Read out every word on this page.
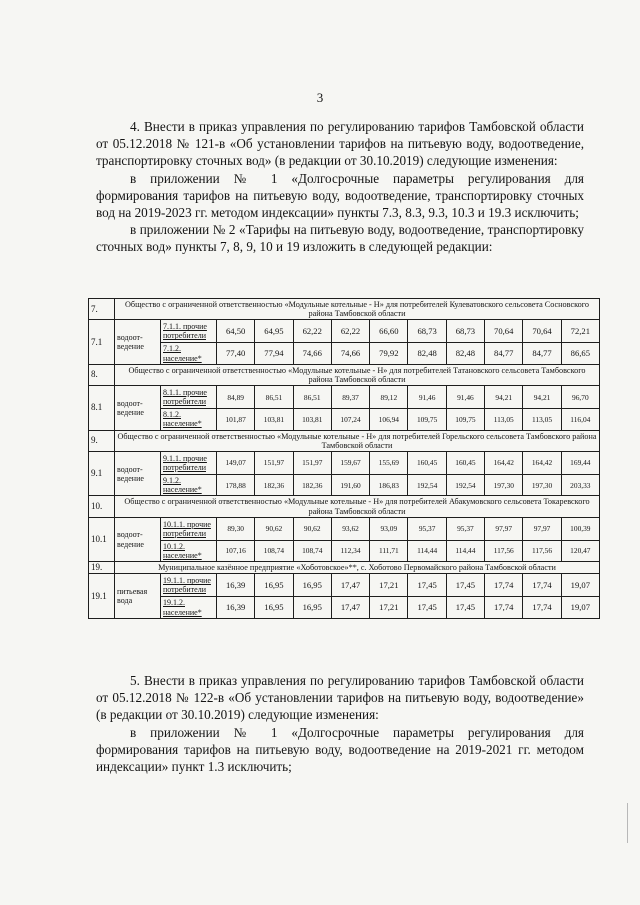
3

4. Внести в приказ управления по регулированию тарифов Тамбовской области от 05.12.2018 № 121-в «Об установлении тарифов на питьевую воду, водоотведение, транспортировку сточных вод» (в редакции от 30.10.2019) следующие изменения:

в приложении № 1 «Долгосрочные параметры регулирования для формирования тарифов на питьевую воду, водоотведение, транспортировку сточных вод на 2019-2023 гг. методом индексации» пункты 7.3, 8.3, 9.3, 10.3 и 19.3 исключить;

в приложении № 2 «Тарифы на питьевую воду, водоотведение, транспортировку сточных вод» пункты 7, 8, 9, 10 и 19 изложить в следующей редакции:

7.	Общество с ограниченной ответственностью «Модульные котельные - Н» для потребителей Кулеватовского сельсовета Сосновского района Тамбовской области											
7.1	водоот-ведение	7.1.1. прочие потребители	64,50	64,95	62,22	62,22	66,60	68,73	68,73	70,64	70,64	72,21
		7.1.2. население*	77,40	77,94	74,66	74,66	79,92	82,48	82,48	84,77	84,77	86,65
8.	Общество с ограниченной ответственностью «Модульные котельные - Н» для потребителей Татановского сельсовета Тамбовского района Тамбовской области											
8.1	водоот-ведение	8.1.1. прочие потребители	84,89	86,51	86,51	89,37	89,12	91,46	91,46	94,21	94,21	96,70
		8.1.2. население*	101,87	103,81	103,81	107,24	106,94	109,75	109,75	113,05	113,05	116,04
9.	Общество с ограниченной ответственностью «Модульные котельные - Н» для потребителей Горельского сельсовета Тамбовского района Тамбовской области											
9.1	водоот-ведение	9.1.1. прочие потребители	149,07	151,97	151,97	159,67	155,69	160,45	160,45	164,42	164,42	169,44
		9.1.2. население*	178,88	182,36	182,36	191,60	186,83	192,54	192,54	197,30	197,30	203,33
10.	Общество с ограниченной ответственностью «Модульные котельные - Н» для потребителей Абакумовского сельсовета Токаревского района Тамбовской области											
10.1	водоот-ведение	10.1.1. прочие потребители	89,30	90,62	90,62	93,62	93,09	95,37	95,37	97,97	97,97	100,39
		10.1.2. население*	107,16	108,74	108,74	112,34	111,71	114,44	114,44	117,56	117,56	120,47
19.	Муниципальное казённое предприятие «Хоботовское»**, с. Хоботово Первомайского района Тамбовской области											
19.1	питьевая вода	19.1.1. прочие потребители	16,39	16,95	16,95	17,47	17,21	17,45	17,45	17,74	17,74	19,07
		19.1.2. население*	16,39	16,95	16,95	17,47	17,21	17,45	17,45	17,74	17,74	19,07

5. Внести в приказ управления по регулированию тарифов Тамбовской области от 05.12.2018 № 122-в «Об установлении тарифов на питьевую воду, водоотведение» (в редакции от 30.10.2019) следующие изменения:

в приложении № 1 «Долгосрочные параметры регулирования для формирования тарифов на питьевую воду, водоотведение на 2019-2021 гг. методом индексации» пункт 1.3 исключить;
